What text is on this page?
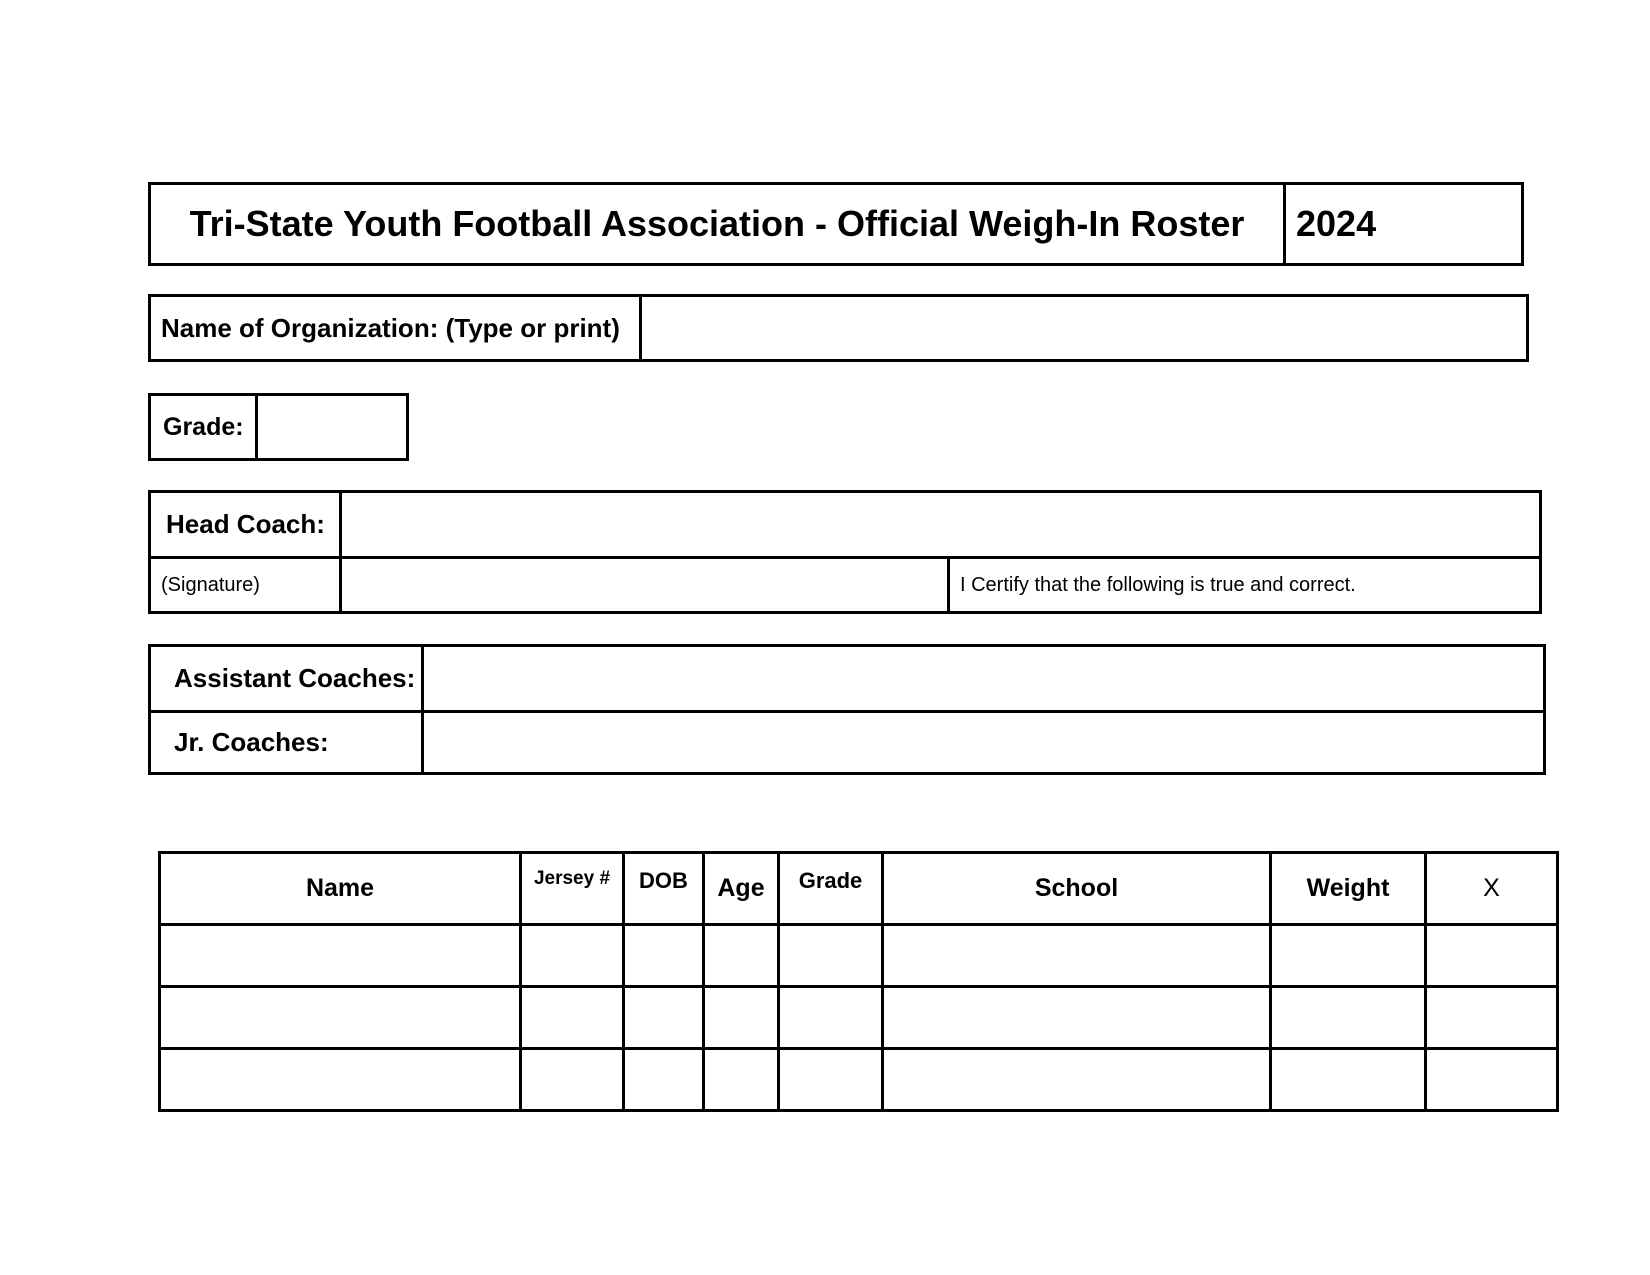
Tri-State Youth Football Association - Official Weigh-In Roster	2024
Name of Organization: (Type or print)
Grade:
Head Coach:
(Signature)	I Certify that the following is true and correct.
Assistant Coaches:
Jr. Coaches:
Name	Jersey #	DOB	Age	Grade	School	Weight	X
